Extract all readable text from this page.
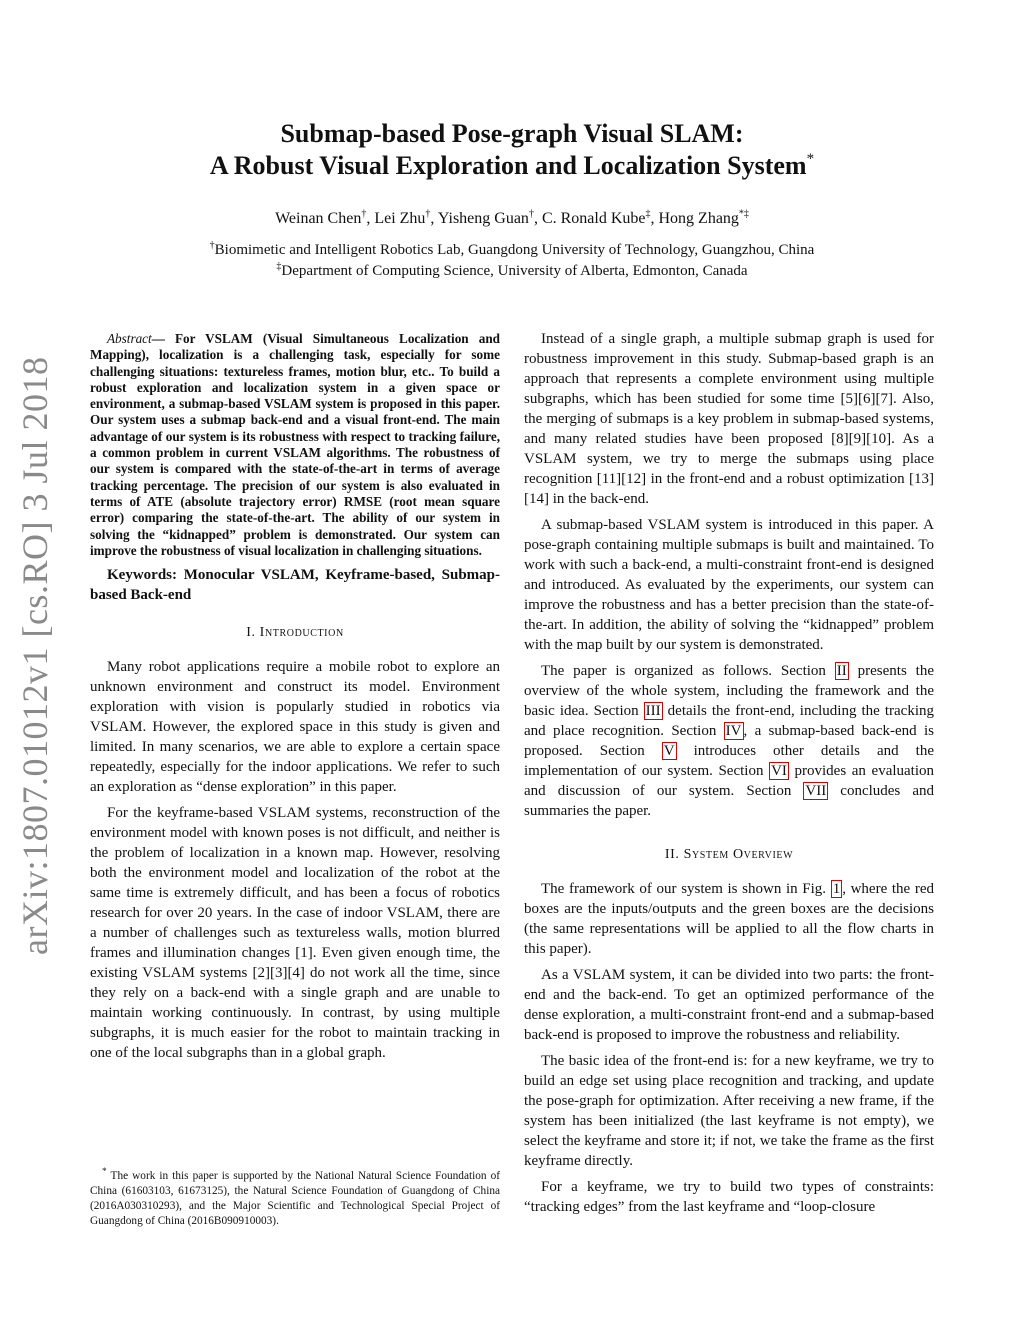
arXiv:1807.01012v1 [cs.RO] 3 Jul 2018
Submap-based Pose-graph Visual SLAM:
A Robust Visual Exploration and Localization System*
Weinan Chen†, Lei Zhu†, Yisheng Guan†, C. Ronald Kube‡, Hong Zhang*‡
†Biomimetic and Intelligent Robotics Lab, Guangdong University of Technology, Guangzhou, China
‡Department of Computing Science, University of Alberta, Edmonton, Canada

Abstract— For VSLAM (Visual Simultaneous Localization and Mapping), localization is a challenging task, especially for some challenging situations: textureless frames, motion blur, etc.. To build a robust exploration and localization system in a given space or environment, a submap-based VSLAM system is proposed in this paper. Our system uses a submap back-end and a visual front-end. The main advantage of our system is its robustness with respect to tracking failure, a common problem in current VSLAM algorithms. The robustness of our system is compared with the state-of-the-art in terms of average tracking percentage. The precision of our system is also evaluated in terms of ATE (absolute trajectory error) RMSE (root mean square error) comparing the state-of-the-art. The ability of our system in solving the “kidnapped” problem is demonstrated. Our system can improve the robustness of visual localization in challenging situations.

Keywords: Monocular VSLAM, Keyframe-based, Submap-based Back-end
I. Introduction

Many robot applications require a mobile robot to explore an unknown environment and construct its model. Environment exploration with vision is popularly studied in robotics via VSLAM. However, the explored space in this study is given and limited. In many scenarios, we are able to explore a certain space repeatedly, especially for the indoor applications. We refer to such an exploration as “dense exploration” in this paper.

For the keyframe-based VSLAM systems, reconstruction of the environment model with known poses is not difficult, and neither is the problem of localization in a known map. However, resolving both the environment model and localization of the robot at the same time is extremely difficult, and has been a focus of robotics research for over 20 years. In the case of indoor VSLAM, there are a number of challenges such as textureless walls, motion blurred frames and illumination changes [1]. Even given enough time, the existing VSLAM systems [2][3][4] do not work all the time, since they rely on a back-end with a single graph and are unable to maintain working continuously. In contrast, by using multiple subgraphs, it is much easier for the robot to maintain tracking in one of the local subgraphs than in a global graph.

* The work in this paper is supported by the National Natural Science Foundation of China (61603103, 61673125), the Natural Science Foundation of Guangdong of China (2016A030310293), and the Major Scientific and Technological Special Project of Guangdong of China (2016B090910003).

Instead of a single graph, a multiple submap graph is used for robustness improvement in this study. Submap-based graph is an approach that represents a complete environment using multiple subgraphs, which has been studied for some time [5][6][7]. Also, the merging of submaps is a key problem in submap-based systems, and many related studies have been proposed [8][9][10]. As a VSLAM system, we try to merge the submaps using place recognition [11][12] in the front-end and a robust optimization [13][14] in the back-end.

A submap-based VSLAM system is introduced in this paper. A pose-graph containing multiple submaps is built and maintained. To work with such a back-end, a multi-constraint front-end is designed and introduced. As evaluated by the experiments, our system can improve the robustness and has a better precision than the state-of-the-art. In addition, the ability of solving the “kidnapped” problem with the map built by our system is demonstrated.

The paper is organized as follows. Section II presents the overview of the whole system, including the framework and the basic idea. Section III details the front-end, including the tracking and place recognition. Section IV , a submap-based back-end is proposed. Section V introduces other details and the implementation of our system. Section VI provides an evaluation and discussion of our system. Section VII concludes and summaries the paper.

II. System Overview

The framework of our system is shown in Fig. 1 , where the red boxes are the inputs/outputs and the green boxes are the decisions (the same representations will be applied to all the flow charts in this paper).

As a VSLAM system, it can be divided into two parts: the front-end and the back-end. To get an optimized performance of the dense exploration, a multi-constraint front-end and a submap-based back-end is proposed to improve the robustness and reliability.

The basic idea of the front-end is: for a new keyframe, we try to build an edge set using place recognition and tracking, and update the pose-graph for optimization. After receiving a new frame, if the system has been initialized (the last keyframe is not empty), we select the keyframe and store it; if not, we take the frame as the first keyframe directly.

For a keyframe, we try to build two types of constraints: “tracking edges” from the last keyframe and “loop-closure
